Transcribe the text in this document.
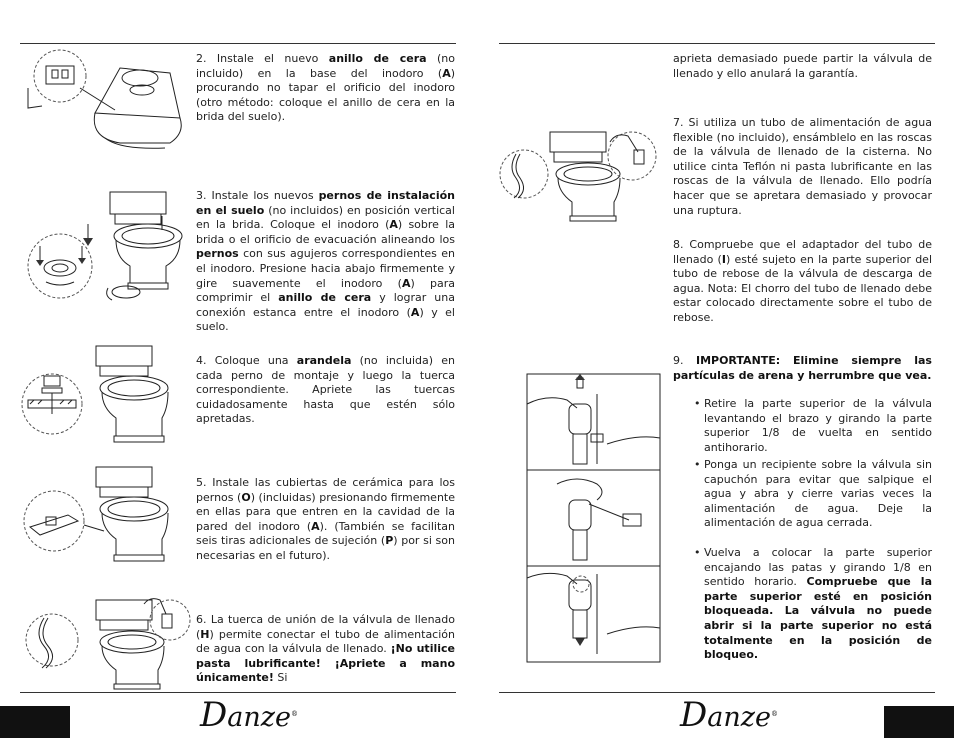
2. Instale el nuevo anillo de cera (no incluido) en la base del inodoro (A) procurando no tapar el orificio del inodoro (otro método: coloque el anillo de cera en la brida del suelo).
3. Instale los nuevos pernos de instalación en el suelo (no incluidos) en posición vertical en la brida. Coloque el inodoro (A) sobre la brida o el orificio de evacuación alineando los pernos con sus agujeros correspondientes en el inodoro. Presione hacia abajo firmemente y gire suavemente el inodoro (A) para comprimir el anillo de cera y lograr una conexión estanca entre el inodoro (A) y el suelo.
4. Coloque una arandela (no incluida) en cada perno de montaje y luego la tuerca correspondiente. Apriete las tuercas cuidadosamente hasta que estén sólo apretadas.
5. Instale las cubiertas de cerámica para los pernos (O) (incluidas) presionando firmemente en ellas para que entren en la cavidad de la pared del inodoro (A). (También se facilitan seis tiras adicionales de sujeción (P) por si son necesarias en el futuro).
6. La tuerca de unión de la válvula de llenado (H) permite conectar el tubo de alimentación de agua con la válvula de llenado. ¡No utilice pasta lubrificante! ¡Apriete a mano únicamente! Si
aprieta demasiado puede partir la válvula de llenado y ello anulará la garantía.
7. Si utiliza un tubo de alimentación de agua flexible (no incluido), ensámblelo en las roscas de la válvula de llenado de la cisterna. No utilice cinta Teflón ni pasta lubrificante en las roscas de la válvula de llenado. Ello podría hacer que se apretara demasiado y provocar una ruptura.
8. Compruebe que el adaptador del tubo de llenado (I) esté sujeto en la parte superior del tubo de rebose de la válvula de descarga de agua. Nota: El chorro del tubo de llenado debe estar colocado directamente sobre el tubo de rebose.
9. IMPORTANTE: Elimine siempre las partículas de arena y herrumbre que vea.
• Retire la parte superior de la válvula levantando el brazo y girando la parte superior 1/8 de vuelta en sentido antihorario.
• Ponga un recipiente sobre la válvula sin capuchón para evitar que salpique el agua y abra y cierre varias veces la alimentación de agua. Deje la alimentación de agua cerrada.
• Vuelva a colocar la parte superior encajando las patas y girando 1/8 en sentido horario. Compruebe que la parte superior esté en posición bloqueada. La válvula no puede abrir si la parte superior no está totalmente en la posición de bloqueo.
Danze®	Danze®
